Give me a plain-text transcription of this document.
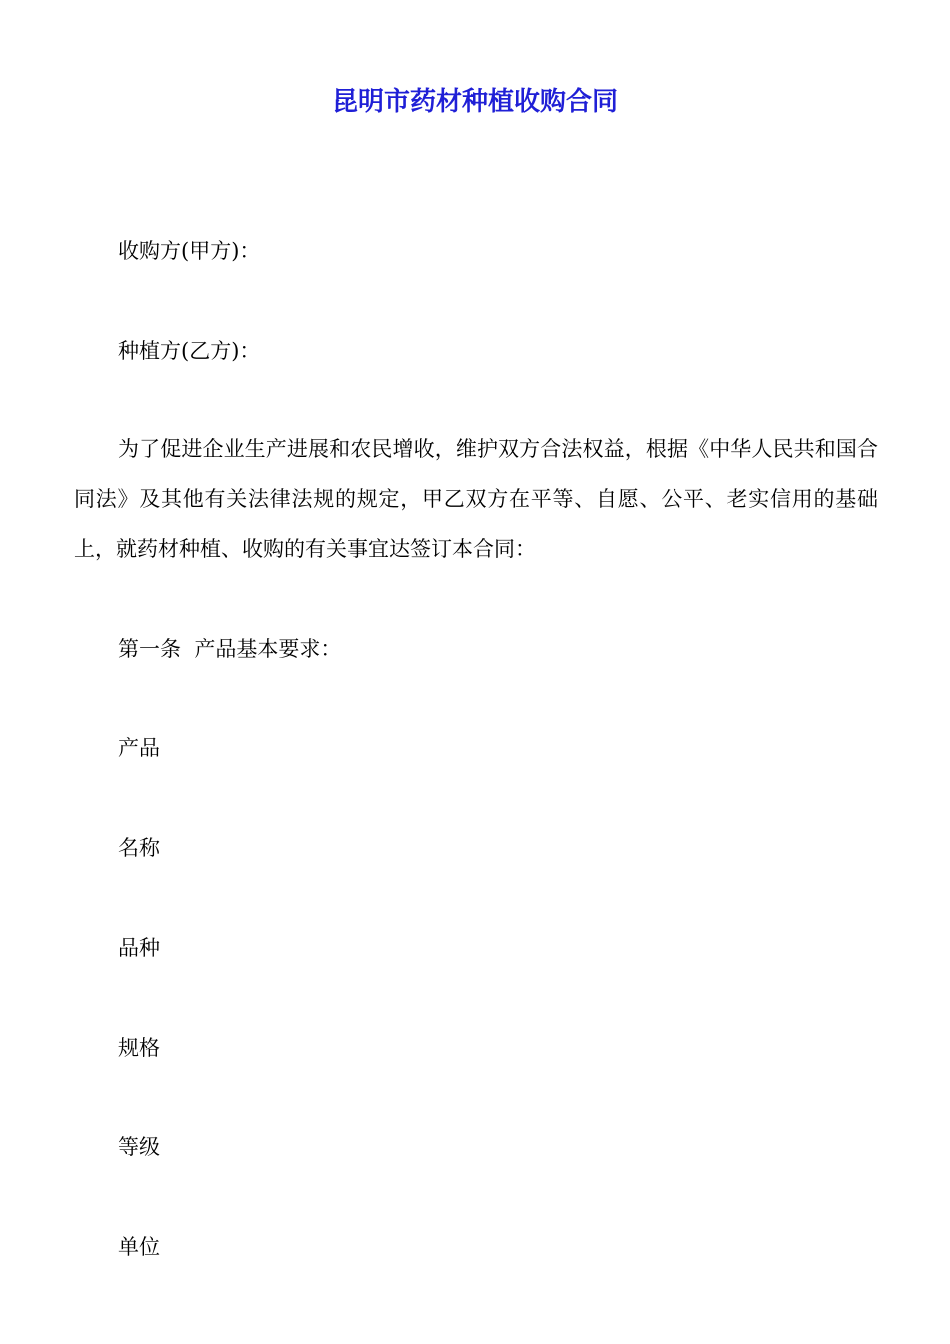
昆明市药材种植收购合同

收购方(甲方)：

种植方(乙方)：

为了促进企业生产进展和农民增收，维护双方合法权益，根据《中华人民共和国合同法》及其他有关法律法规的规定，甲乙双方在平等、自愿、公平、老实信用的基础上，就药材种植、收购的有关事宜达签订本合同：

第一条  产品基本要求：

产品

名称

品种

规格

等级

单位
